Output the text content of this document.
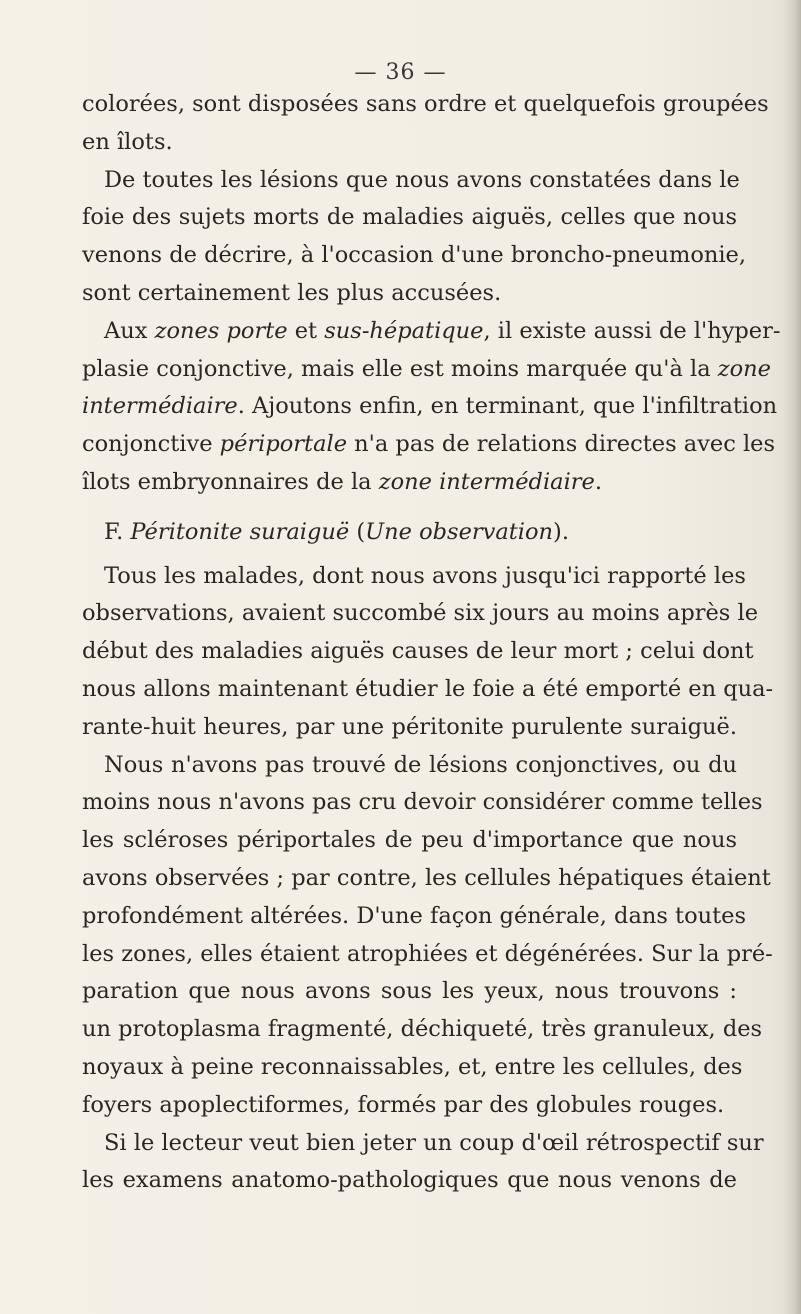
— 36 —
colorées, sont disposées sans ordre et quelquefois groupées
en îlots.
De toutes les lésions que nous avons constatées dans le
foie des sujets morts de maladies aiguës, celles que nous
venons de décrire, à l'occasion d'une broncho-pneumonie,
sont certainement les plus accusées.
Aux zones porte et sus-hépatique, il existe aussi de l'hyper-
plasie conjonctive, mais elle est moins marquée qu'à la zone
intermédiaire. Ajoutons enfin, en terminant, que l'infiltration
conjonctive périportale n'a pas de relations directes avec les
îlots embryonnaires de la zone intermédiaire.
F. Péritonite suraiguë (Une observation).
Tous les malades, dont nous avons jusqu'ici rapporté les
observations, avaient succombé six jours au moins après le
début des maladies aiguës causes de leur mort ; celui dont
nous allons maintenant étudier le foie a été emporté en qua-
rante-huit heures, par une péritonite purulente suraiguë.
Nous n'avons pas trouvé de lésions conjonctives, ou du
moins nous n'avons pas cru devoir considérer comme telles
les scléroses périportales de peu d'importance que nous
avons observées ; par contre, les cellules hépatiques étaient
profondément altérées. D'une façon générale, dans toutes
les zones, elles étaient atrophiées et dégénérées. Sur la pré-
paration que nous avons sous les yeux, nous trouvons :
un protoplasma fragmenté, déchiqueté, très granuleux, des
noyaux à peine reconnaissables, et, entre les cellules, des
foyers apoplectiformes, formés par des globules rouges.
Si le lecteur veut bien jeter un coup d'œil rétrospectif sur
les examens anatomo-pathologiques que nous venons de
